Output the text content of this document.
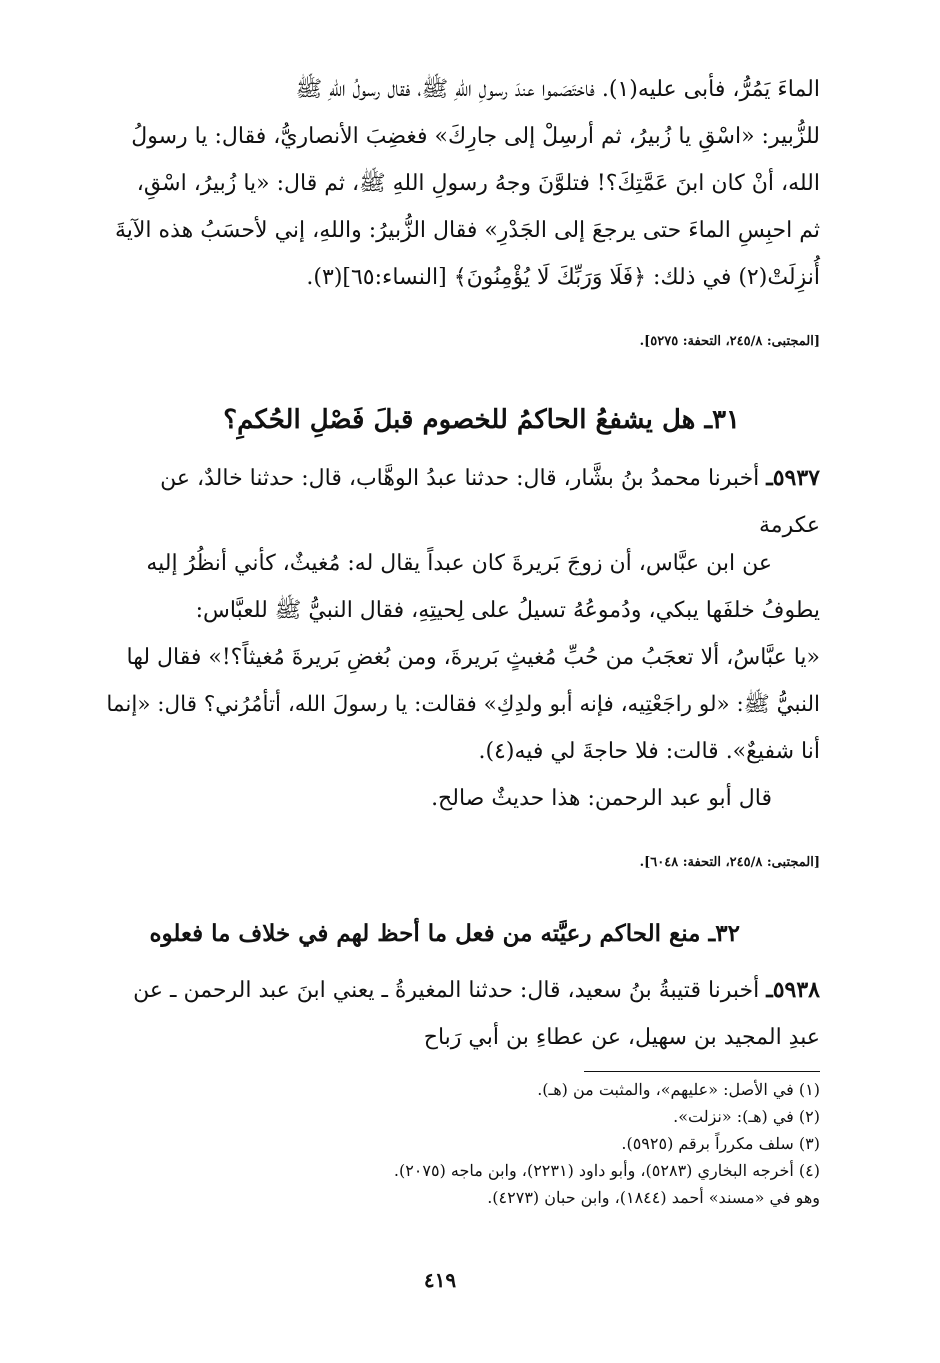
الماءَ يَمُرُّ، فأبى عليه(١). فاختَصَموا عندَ رسولِ اللهِ ﷺ، فقال رسولُ اللهِ ﷺ
للزُّبير: «اسْقِ يا زُبيرُ، ثم أرسِلْ إلى جارِكَ» فغضِبَ الأنصاريُّ، فقال: يا رسولُ
الله، أنْ كان ابنَ عَمَّتِكَ؟! فتلوَّنَ وجهُ رسولِ اللهِ ﷺ، ثم قال: «يا زُبيرُ، اسْقِ،
ثم احبِسِ الماءَ حتى يرجعَ إلى الجَدْرِ» فقال الزُّبيرُ: واللهِ، إني لأحسَبُ هذه الآيةَ
أُنزِلَتْ(٢) في ذلك: ﴿فَلَا وَرَبِّكَ لَا يُؤْمِنُونَ﴾ [النساء:٦٥](٣).
[المجتبى: ٢٤٥/٨، التحفة: ٥٢٧٥].
٣١ـ هل يشفعُ الحاكمُ للخصوم قبلَ فَصْلِ الحُكمِ؟
٥٩٣٧ـ أخبرنا محمدُ بنُ بشَّار، قال: حدثنا عبدُ الوهَّاب، قال: حدثنا خالدٌ، عن
عكرمة
عن ابن عبَّاس، أن زوجَ بَريرةَ كان عبداً يقال له: مُغيثٌ، كأني أنظُرُ إليه
يطوفُ خلفَها يبكي، ودُموعُهُ تسيلُ على لِحيتِهِ، فقال النبيُّ ﷺ للعبَّاس:
«يا عبَّاسُ، ألا تعجَبُ من حُبِّ مُغيثٍ بَريرةَ، ومن بُغضِ بَريرةَ مُغيثاً؟!» فقال لها
النبيُّ ﷺ: «لو راجَعْتِيه، فإنه أبو ولدِكِ» فقالت: يا رسولَ الله، أتأمُرُني؟ قال: «إنما
أنا شفيعٌ». قالت: فلا حاجةَ لي فيه(٤).
قال أبو عبد الرحمن: هذا حديثٌ صالح.
[المجتبى: ٢٤٥/٨، التحفة: ٦٠٤٨].
٣٢ـ منع الحاكم رعيَّته من فعل ما أحظ لهم في خلاف ما فعلوه
٥٩٣٨ـ أخبرنا قتيبةُ بنُ سعيد، قال: حدثنا المغيرةُ ـ يعني ابنَ عبد الرحمن ـ عن
عبدِ المجيد بن سهيل، عن عطاءِ بن أبي رَباح
(١) في الأصل: «عليهم»، والمثبت من (هـ).
(٢) في (هـ): «نزلت».
(٣) سلف مكرراً برقم (٥٩٢٥).
(٤) أخرجه البخاري (٥٢٨٣)، وأبو داود (٢٢٣١)، وابن ماجه (٢٠٧٥).
وهو في «مسند» أحمد (١٨٤٤)، وابن حبان (٤٢٧٣).
٤١٩
